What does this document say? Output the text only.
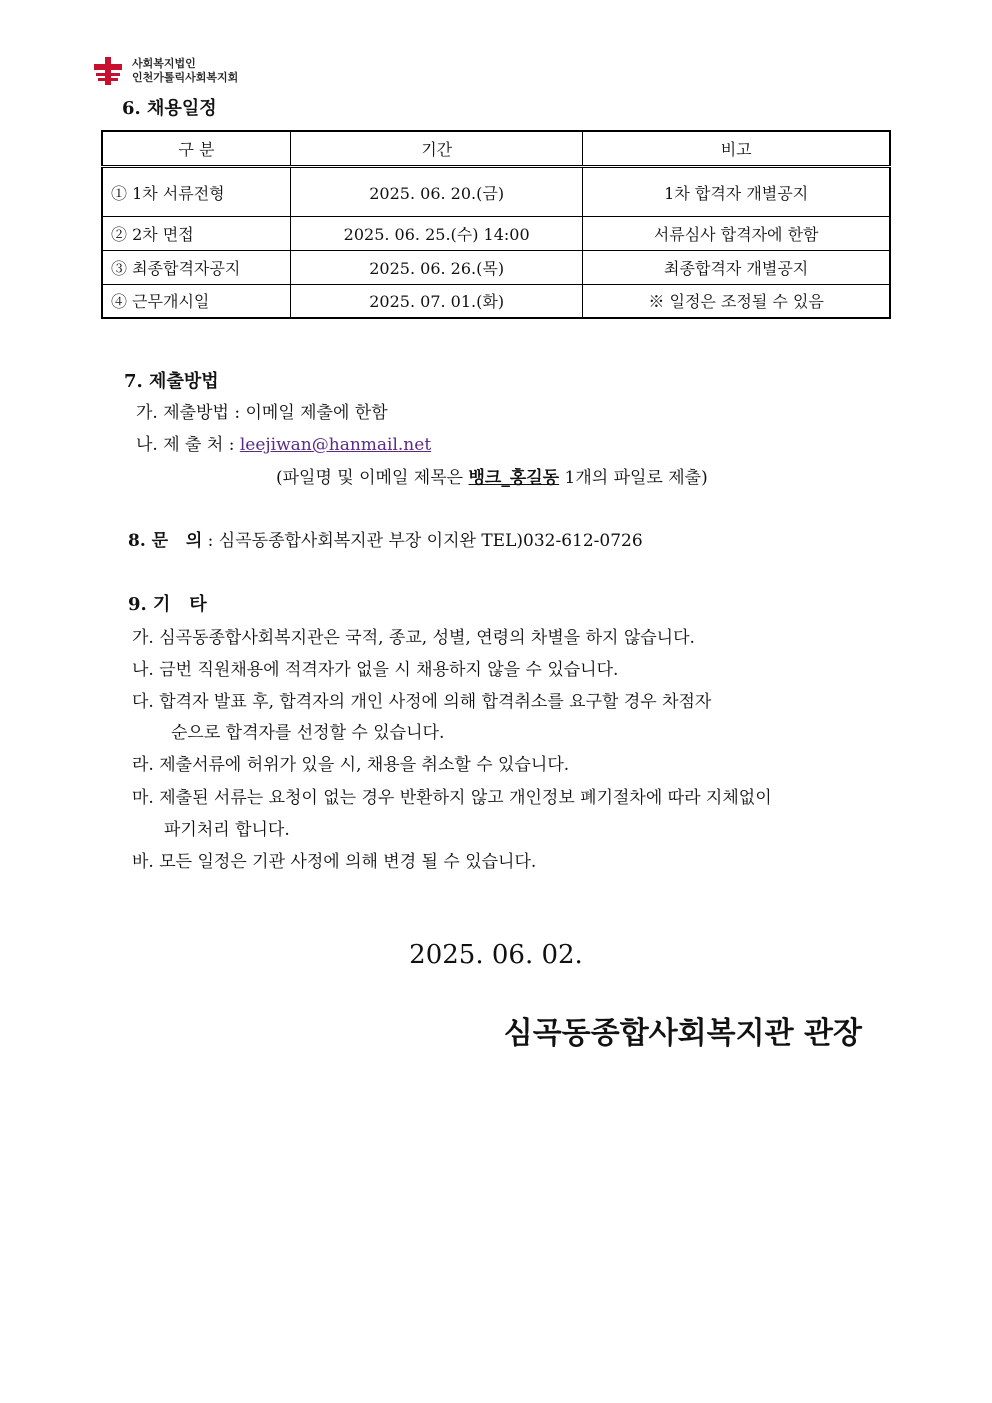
사회복지법인
인천가톨릭사회복지회
6. 채용일정
구 분	기간	비고
① 1차 서류전형	2025. 06. 20.(금)	1차 합격자 개별공지
② 2차 면접	2025. 06. 25.(수) 14:00	서류심사 합격자에 한함
③ 최종합격자공지	2025. 06. 26.(목)	최종합격자 개별공지
④ 근무개시일	2025. 07. 01.(화)	※ 일정은 조정될 수 있음
7. 제출방법
가. 제출방법 : 이메일 제출에 한함
나. 제 출 처 : leejiwan@hanmail.net
(파일명 및 이메일 제목은 뱅크_홍길동 1개의 파일로 제출)
8. 문   의 : 심곡동종합사회복지관 부장 이지완 TEL)032-612-0726
9. 기   타
가. 심곡동종합사회복지관은 국적, 종교, 성별, 연령의 차별을 하지 않습니다.
나. 금번 직원채용에 적격자가 없을 시 채용하지 않을 수 있습니다.
다. 합격자 발표 후, 합격자의 개인 사정에 의해 합격취소를 요구할 경우 차점자
순으로 합격자를 선정할 수 있습니다.
라. 제출서류에 허위가 있을 시, 채용을 취소할 수 있습니다.
마. 제출된 서류는 요청이 없는 경우 반환하지 않고 개인정보 폐기절차에 따라 지체없이
파기처리 합니다.
바. 모든 일정은 기관 사정에 의해 변경 될 수 있습니다.
2025. 06. 02.
심곡동종합사회복지관 관장
